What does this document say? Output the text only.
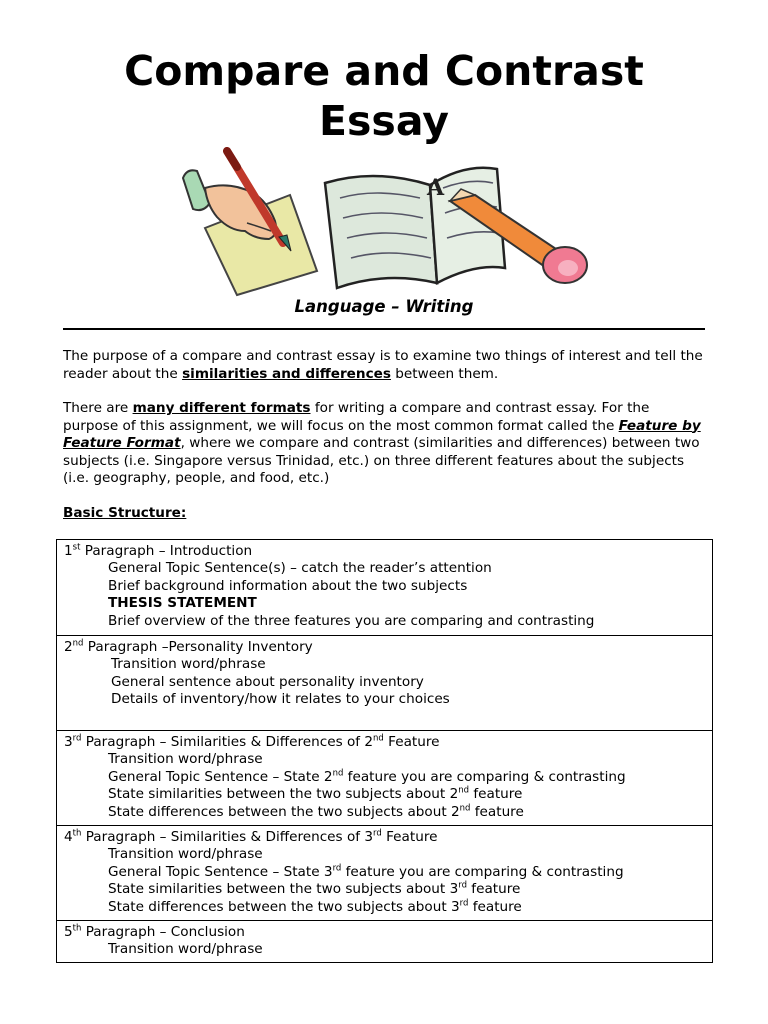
Compare and Contrast
Essay
A
Language – Writing
The purpose of a compare and contrast essay is to examine two things of interest and tell the reader about the similarities and differences between them.
There are many different formats for writing a compare and contrast essay. For the purpose of this assignment, we will focus on the most common format called the Feature by Feature Format, where we compare and contrast (similarities and differences) between two subjects (i.e. Singapore versus Trinidad, etc.) on three different features about the subjects (i.e. geography, people, and food, etc.)
Basic Structure:
1st Paragraph – Introduction
General Topic Sentence(s) – catch the reader’s attention
Brief background information about the two subjects
THESIS STATEMENT
Brief overview of the three features you are comparing and contrasting
2nd Paragraph –Personality Inventory
Transition word/phrase
General sentence about personality inventory
Details of inventory/how it relates to your choices
3rd Paragraph – Similarities & Differences of 2nd Feature
Transition word/phrase
General Topic Sentence – State 2nd feature you are comparing & contrasting
State similarities between the two subjects about 2nd feature
State differences between the two subjects about 2nd feature
4th Paragraph – Similarities & Differences of 3rd Feature
Transition word/phrase
General Topic Sentence – State 3rd feature you are comparing & contrasting
State similarities between the two subjects about 3rd feature
State differences between the two subjects about 3rd feature
5th Paragraph – Conclusion
Transition word/phrase
